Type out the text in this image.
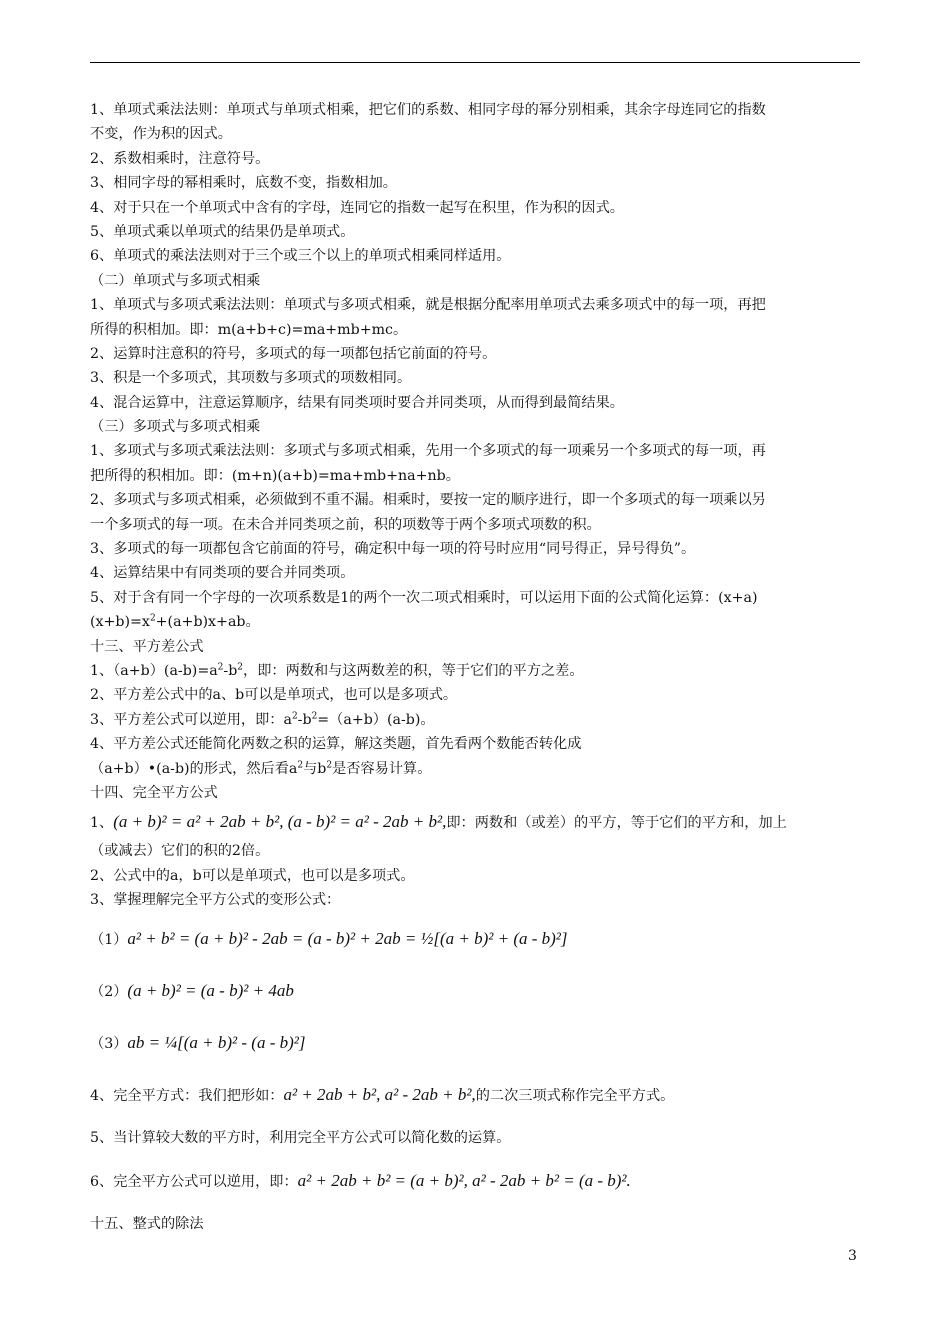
1、单项式乘法法则：单项式与单项式相乘，把它们的系数、相同字母的幂分别相乘，其余字母连同它的指数
不变，作为积的因式。
2、系数相乘时，注意符号。
3、相同字母的幂相乘时，底数不变，指数相加。
4、对于只在一个单项式中含有的字母，连同它的指数一起写在积里，作为积的因式。
5、单项式乘以单项式的结果仍是单项式。
6、单项式的乘法法则对于三个或三个以上的单项式相乘同样适用。
（二）单项式与多项式相乘
1、单项式与多项式乘法法则：单项式与多项式相乘，就是根据分配率用单项式去乘多项式中的每一项，再把
所得的积相加。即：m(a+b+c)=ma+mb+mc。
2、运算时注意积的符号，多项式的每一项都包括它前面的符号。
3、积是一个多项式，其项数与多项式的项数相同。
4、混合运算中，注意运算顺序，结果有同类项时要合并同类项，从而得到最简结果。
（三）多项式与多项式相乘
1、多项式与多项式乘法法则：多项式与多项式相乘，先用一个多项式的每一项乘另一个多项式的每一项，再
把所得的积相加。即：(m+n)(a+b)=ma+mb+na+nb。
2、多项式与多项式相乘，必须做到不重不漏。相乘时，要按一定的顺序进行，即一个多项式的每一项乘以另
一个多项式的每一项。在未合并同类项之前，积的项数等于两个多项式项数的积。
3、多项式的每一项都包含它前面的符号，确定积中每一项的符号时应用“同号得正，异号得负”。
4、运算结果中有同类项的要合并同类项。
5、对于含有同一个字母的一次项系数是1的两个一次二项式相乘时，可以运用下面的公式简化运算：(x+a)
$(x+b)=x^2+(a+b)x+ab$。
十三、平方差公式
1、$(a+b)(a-b)=a^2-b^2$，即：两数和与这两数差的积，等于它们的平方之差。
2、平方差公式中的a、b可以是单项式，也可以是多项式。
3、平方差公式可以逆用，即：$a^2-b^2=(a+b)(a-b)$。
4、平方差公式还能简化两数之积的运算，解这类题，首先看两个数能否转化成
（a+b）•(a-b)的形式，然后看$a^2$与$b^2$是否容易计算。
十四、完全平方公式
1、(a + b)² = a² + 2ab + b², (a - b)² = a² - 2ab + b²,即：两数和（或差）的平方，等于它们的平方和，加上
（或减去）它们的积的2倍。
2、公式中的a，b可以是单项式，也可以是多项式。
3、掌握理解完全平方公式的变形公式：
（1）a² + b² = (a + b)² - 2ab = (a - b)² + 2ab = ½[(a + b)² + (a - b)²]
（2）(a + b)² = (a - b)² + 4ab
（3）ab = ¼[(a + b)² - (a - b)²]
4、完全平方式：我们把形如：a² + 2ab + b², a² - 2ab + b²,的二次三项式称作完全平方式。
5、当计算较大数的平方时，利用完全平方公式可以简化数的运算。
6、完全平方公式可以逆用，即：a² + 2ab + b² = (a + b)², a² - 2ab + b² = (a - b)².
十五、整式的除法
3
